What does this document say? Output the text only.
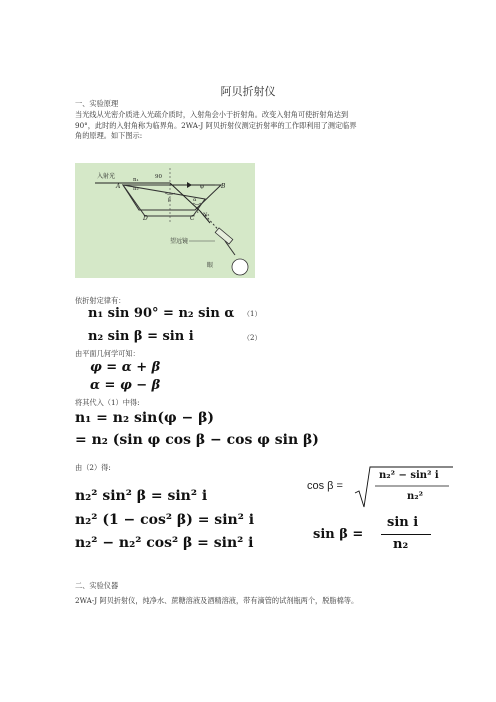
阿贝折射仪
一、实验原理

当光线从光密介质进入光疏介质时，入射角会小于折射角。改变入射角可使折射角达到

90°，此时的入射角称为临界角。2WA-J 阿贝折射仪测定折射率的工作即利用了测定临界

角的原理。如下图示:

入射光
A	B
C
D
n₁
n₂
90
φ
β	α
i N₂
望远镜
眼
依折射定律有：
n₁ sin 90° = n₂ sin α （1）
n₂ sin β = sin i	（2）
由平面几何学可知：
φ = α + β
α = φ − β
将其代入（1）中得:
n₁ = n₂ sin(φ − β)
= n₂ (sin φ cos β − cos φ sin β)
由（2）得:
n₂² sin² β = sin² i
n₂² (1 − cos² β) = sin² i
n₂² − n₂² cos² β = sin² i
cos β =
n₂² − sin² i
n₂²
sin β =
sin i
n₂
二、实验仪器
2WA-J 阿贝折射仪，纯净水、蔗糖溶液及酒精溶液，带有滴管的试剂瓶两个，脱脂棉等。
